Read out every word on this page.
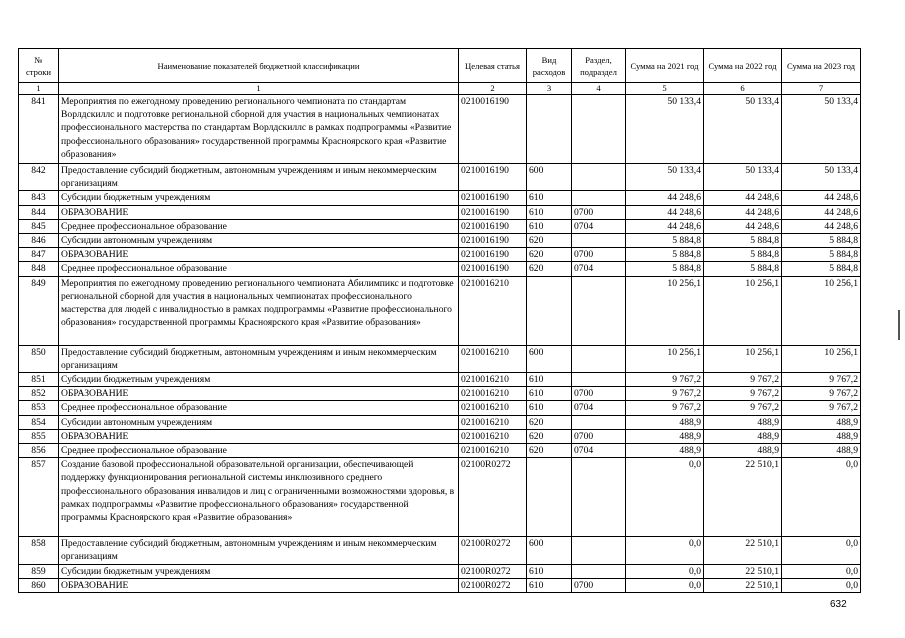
№ строки	Наименование показателей бюджетной классификации	Целевая статья	Вид расходов	Раздел, подраздел	Сумма на 2021 год	Сумма на 2022 год	Сумма на 2023 год
1	1	2	3	4	5	6	7
841	Мероприятия по ежегодному проведению регионального чемпионата по стандартам Ворлдскиллс и подготовке региональной сборной для участия в национальных чемпионатах профессионального мастерства по стандартам Ворлдскиллс в рамках подпрограммы «Развитие профессионального образования» государственной программы Красноярского края «Развитие образования»	0210016190			50 133,4	50 133,4	50 133,4
842	Предоставление субсидий бюджетным, автономным учреждениям и иным некоммерческим организациям	0210016190	600		50 133,4	50 133,4	50 133,4
843	Субсидии бюджетным учреждениям	0210016190	610		44 248,6	44 248,6	44 248,6
844	ОБРАЗОВАНИЕ	0210016190	610	0700	44 248,6	44 248,6	44 248,6
845	Среднее профессиональное образование	0210016190	610	0704	44 248,6	44 248,6	44 248,6
846	Субсидии автономным учреждениям	0210016190	620		5 884,8	5 884,8	5 884,8
847	ОБРАЗОВАНИЕ	0210016190	620	0700	5 884,8	5 884,8	5 884,8
848	Среднее профессиональное образование	0210016190	620	0704	5 884,8	5 884,8	5 884,8
849	Мероприятия по ежегодному проведению регионального чемпионата Абилимпикс и подготовке региональной сборной для участия в национальных чемпионатах профессионального мастерства для людей с инвалидностью в рамках подпрограммы «Развитие профессионального образования» государственной программы Красноярского края «Развитие образования»	0210016210			10 256,1	10 256,1	10 256,1
850	Предоставление субсидий бюджетным, автономным учреждениям и иным некоммерческим организациям	0210016210	600		10 256,1	10 256,1	10 256,1
851	Субсидии бюджетным учреждениям	0210016210	610		9 767,2	9 767,2	9 767,2
852	ОБРАЗОВАНИЕ	0210016210	610	0700	9 767,2	9 767,2	9 767,2
853	Среднее профессиональное образование	0210016210	610	0704	9 767,2	9 767,2	9 767,2
854	Субсидии автономным учреждениям	0210016210	620		488,9	488,9	488,9
855	ОБРАЗОВАНИЕ	0210016210	620	0700	488,9	488,9	488,9
856	Среднее профессиональное образование	0210016210	620	0704	488,9	488,9	488,9
857	Создание базовой профессиональной образовательной организации, обеспечивающей поддержку функционирования региональной системы инклюзивного среднего профессионального образования инвалидов и лиц с ограниченными возможностями здоровья, в рамках подпрограммы «Развитие профессионального образования» государственной программы Красноярского края «Развитие образования»	02100R0272			0,0	22 510,1	0,0
858	Предоставление субсидий бюджетным, автономным учреждениям и иным некоммерческим организациям	02100R0272	600		0,0	22 510,1	0,0
859	Субсидии бюджетным учреждениям	02100R0272	610		0,0	22 510,1	0,0
860	ОБРАЗОВАНИЕ	02100R0272	610	0700	0,0	22 510,1	0,0
632
